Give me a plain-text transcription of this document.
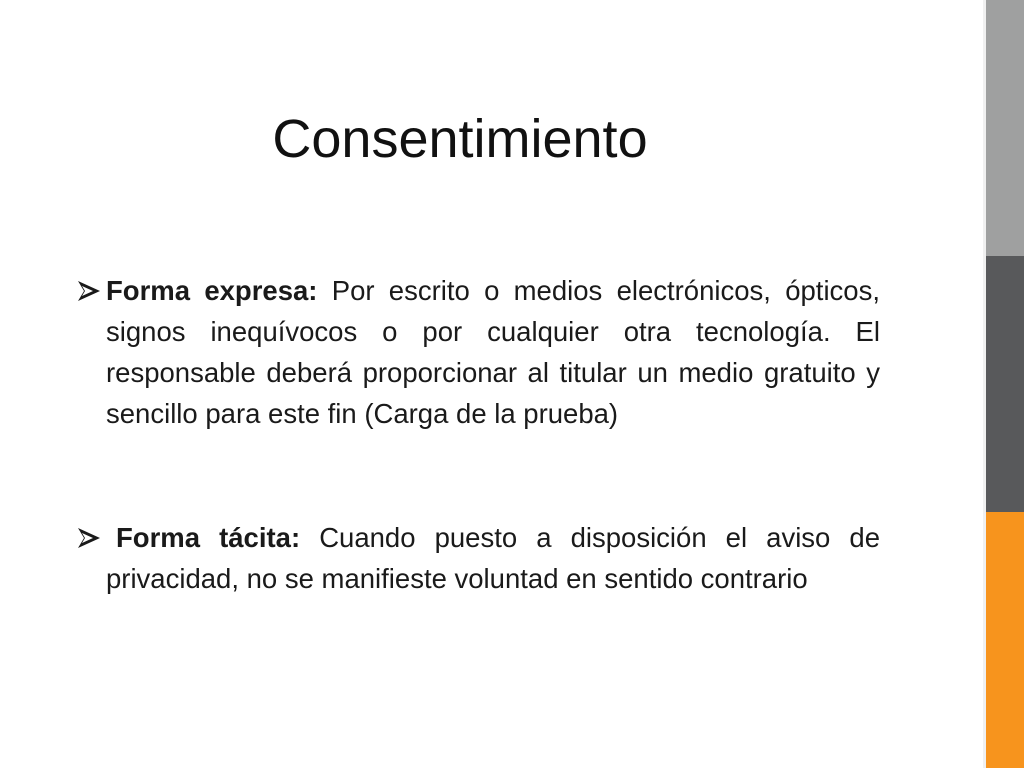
Consentimiento
Forma expresa: Por escrito o medios electrónicos, ópticos, signos inequívocos o por cualquier otra tecnología. El responsable deberá proporcionar al titular un medio gratuito y sencillo para este fin (Carga de la prueba)
Forma tácita: Cuando puesto a disposición el aviso de privacidad, no se manifieste voluntad en sentido contrario
